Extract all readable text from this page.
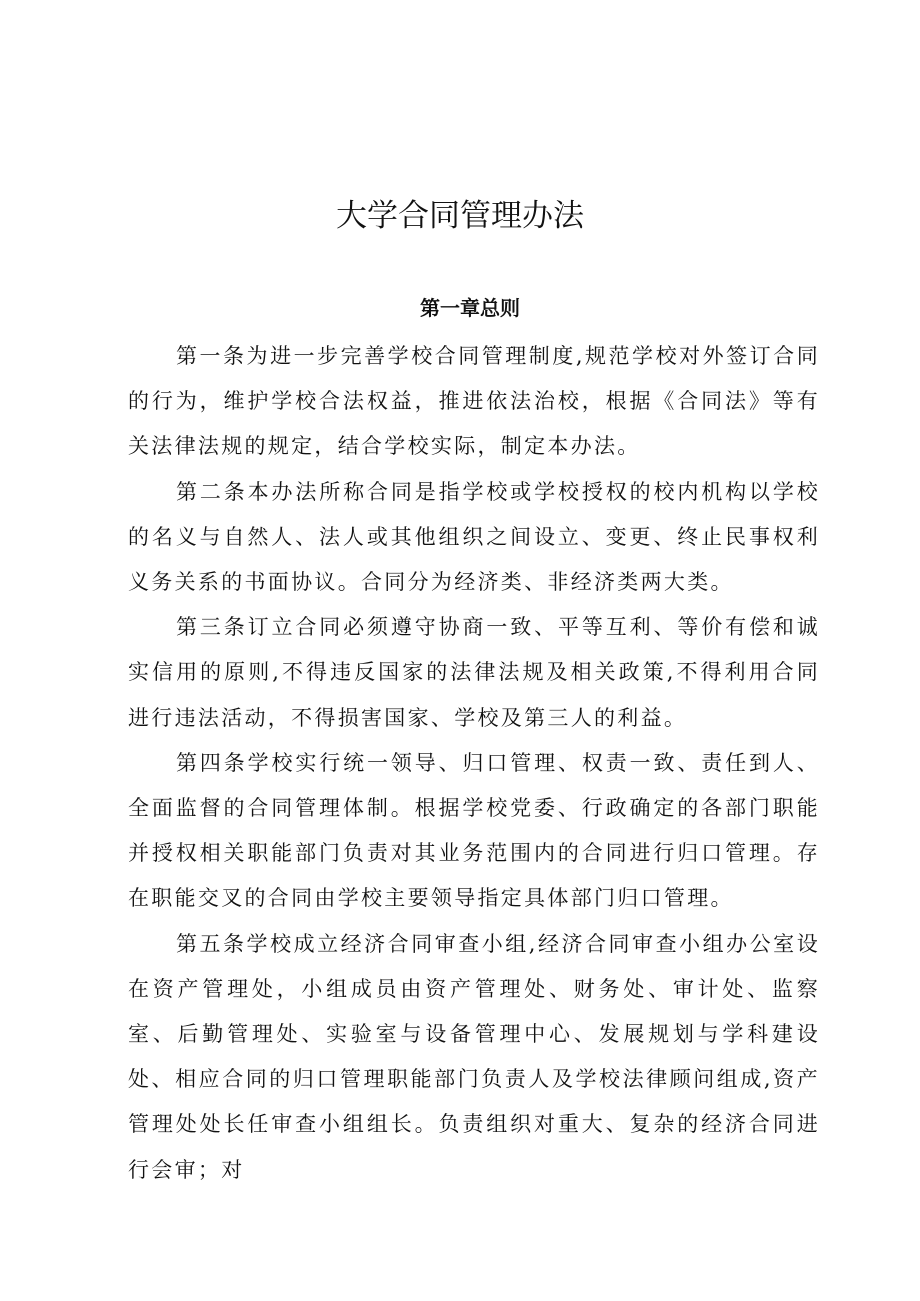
大学合同管理办法
第一章总则

第一条为进一步完善学校合同管理制度,规范学校对外签订合同的行为，维护学校合法权益，推进依法治校，根据《合同法》等有关法律法规的规定，结合学校实际，制定本办法。

第二条本办法所称合同是指学校或学校授权的校内机构以学校的名义与自然人、法人或其他组织之间设立、变更、终止民事权利义务关系的书面协议。合同分为经济类、非经济类两大类。

第三条订立合同必须遵守协商一致、平等互利、等价有偿和诚实信用的原则,不得违反国家的法律法规及相关政策,不得利用合同进行违法活动，不得损害国家、学校及第三人的利益。

第四条学校实行统一领导、归口管理、权责一致、责任到人、全面监督的合同管理体制。根据学校党委、行政确定的各部门职能并授权相关职能部门负责对其业务范围内的合同进行归口管理。存在职能交叉的合同由学校主要领导指定具体部门归口管理。

第五条学校成立经济合同审查小组,经济合同审查小组办公室设在资产管理处，小组成员由资产管理处、财务处、审计处、监察室、后勤管理处、实验室与设备管理中心、发展规划与学科建设处、相应合同的归口管理职能部门负责人及学校法律顾问组成,资产管理处处长任审查小组组长。负责组织对重大、复杂的经济合同进行会审；对
